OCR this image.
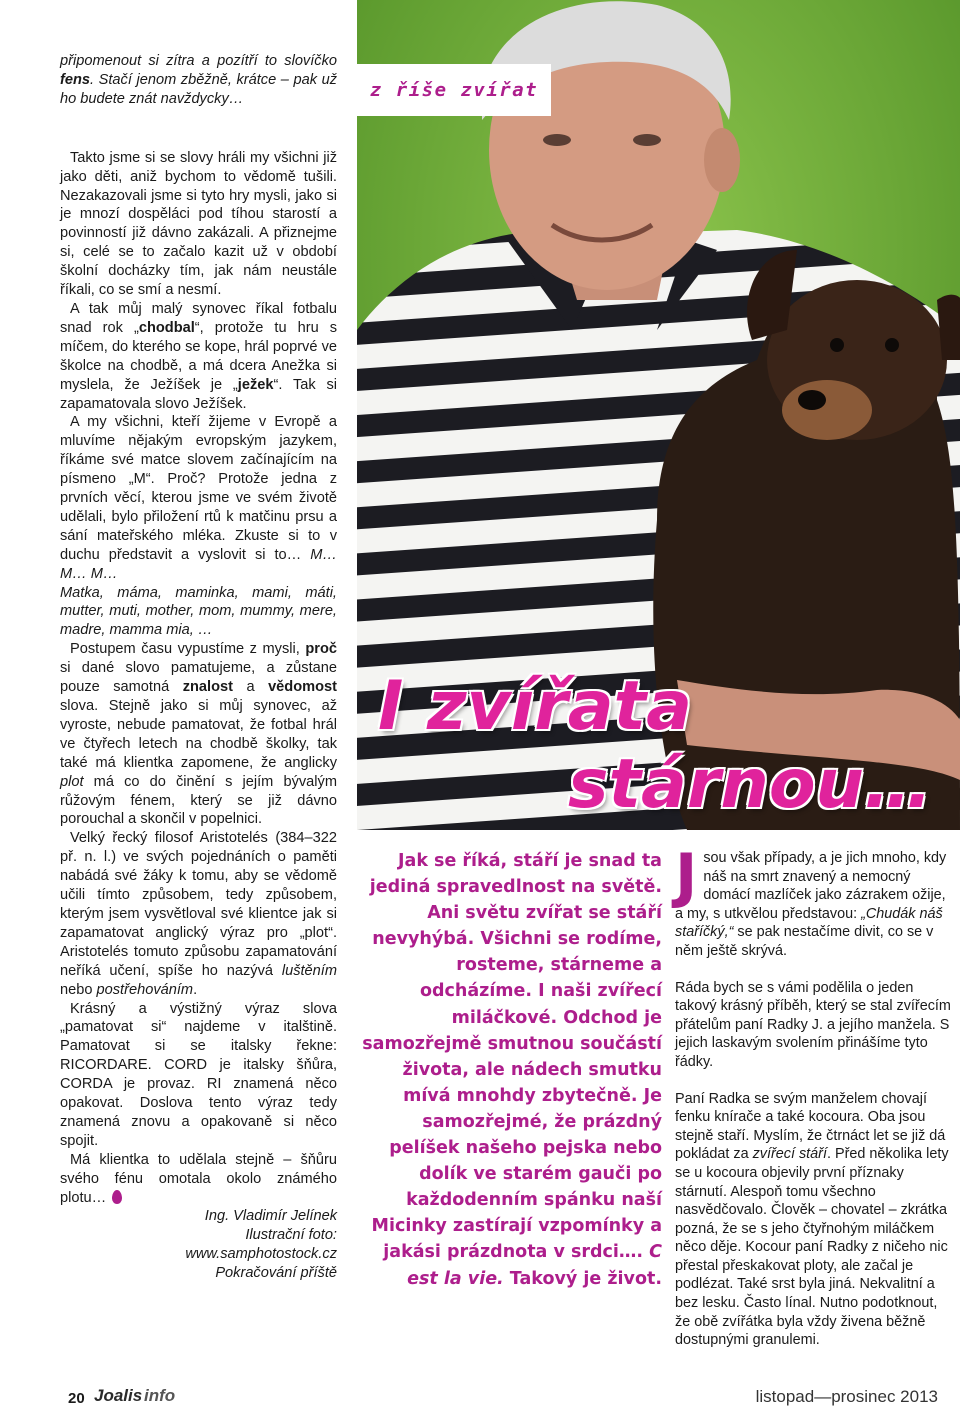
připomenout si zítra a pozítří to slovíčko fens. Stačí jenom zběžně, krátce – pak už ho budete znát navždycky…

Takto jsme si se slovy hráli my všichni již jako děti, aniž bychom to vědomě tušili. Nezakazovali jsme si tyto hry mysli, jako si je mnozí dospěláci pod tíhou starostí a povinností již dávno zakázali. A přiznejme si, celé se to začalo kazit už v období školní docházky tím, jak nám neustále říkali, co se smí a nesmí.

A tak můj malý synovec říkal fotbalu snad rok „chodbal“, protože tu hru s míčem, do kterého se kope, hrál poprvé ve školce na chodbě, a má dcera Anežka si myslela, že Ježíšek je „ježek“. Tak si zapamatovala slovo Ježíšek.

A my všichni, kteří žijeme v Evropě a mluvíme nějakým evropským jazykem, říkáme své matce slovem začínajícím na písmeno „M“. Proč? Protože jedna z prvních věcí, kterou jsme ve svém životě udělali, bylo přiložení rtů k matčinu prsu a sání mateřského mléka. Zkuste si to v duchu představit a vyslovit si to… M… M… M…

Matka, máma, maminka, mami, máti, mutter, muti, mother, mom, mummy, mere, madre, mamma mia, …

Postupem času vypustíme z mysli, proč si dané slovo pamatujeme, a zůstane pouze samotná znalost a vědomost slova. Stejně jako si můj synovec, až vyroste, nebude pamatovat, že fotbal hrál ve čtyřech letech na chodbě školky, tak také má klientka zapomene, že anglicky plot má co do činění s jejím bývalým růžovým fénem, který se již dávno porouchal a skončil v popelnici.

Velký řecký filosof Aristotelés (384–322 př. n. l.) ve svých pojednáních o paměti nabádá své žáky k tomu, aby se vědomě učili tímto způsobem, tedy způsobem, kterým jsem vysvětloval své klientce jak si zapamatovat anglický výraz pro „plot“. Aristotelés tomuto způsobu zapamatování neříká učení, spíše ho nazývá luštěním nebo postřehováním.

Krásný a výstižný výraz slova „pamatovat si“ najdeme v italštině. Pamatovat si se italsky řekne: RICORDARE. CORD je italsky šňůra, CORDA je provaz. RI znamená něco opakovat. Doslova tento výraz tedy znamená znovu a opakovaně si něco spojit.

Má klientka to udělala stejně – šňůru svého fénu omotala okolo známého plotu…

Ing. Vladimír Jelínek
Ilustrační foto:
www.samphotostock.cz
Pokračování příště
z říše zvířat
I zvířata
stárnou…
Jak se říká, stáří je snad ta jediná spravedlnost na světě. Ani světu zvířat se stáří nevyhýbá. Všichni se rodíme, rosteme, stárneme a odcházíme. I naši zvířecí miláčkové. Odchod je samozřejmě smutnou součástí života, ale nádech smutku mívá mnohdy zbytečně. Je samozřejmé, že prázdný pelíšek našeho pejska nebo dolík ve starém gauči po každodenním spánku naší Micinky zastírají vzpomínky a jakási prázdnota v srdci…. C est la vie. Takový je život.

Jsou však případy, a je jich mnoho, kdy náš na smrt znavený a nemocný domácí mazlíček jako zázrakem ožije, a my, s utkvělou představou: „Chudák náš staříčký,“ se pak nestačíme divit, co se v něm ještě skrývá.

Ráda bych se s vámi podělila o jeden takový krásný příběh, který se stal zvířecím přátelům paní Radky J. a jejího manžela. S jejich laskavým svolením přinášíme tyto řádky.

Paní Radka se svým manželem chovají fenku knírače a také kocoura. Oba jsou stejně staří. Myslím, že čtrnáct let se již dá pokládat za zvířecí stáří. Před několika lety se u kocoura objevily první příznaky stárnutí. Alespoň tomu všechno nasvědčovalo. Člověk – chovatel – zkrátka pozná, že se s jeho čtyřnohým miláčkem něco děje. Kocour paní Radky z ničeho nic přestal přeskakovat ploty, ale začal je podlézat. Také srst byla jiná. Nekvalitní a bez lesku. Často línal. Nutno podotknout, že obě zvířátka byla vždy živena běžně dostupnými granulemi.

20 Joalis info	listopad—prosinec 2013
